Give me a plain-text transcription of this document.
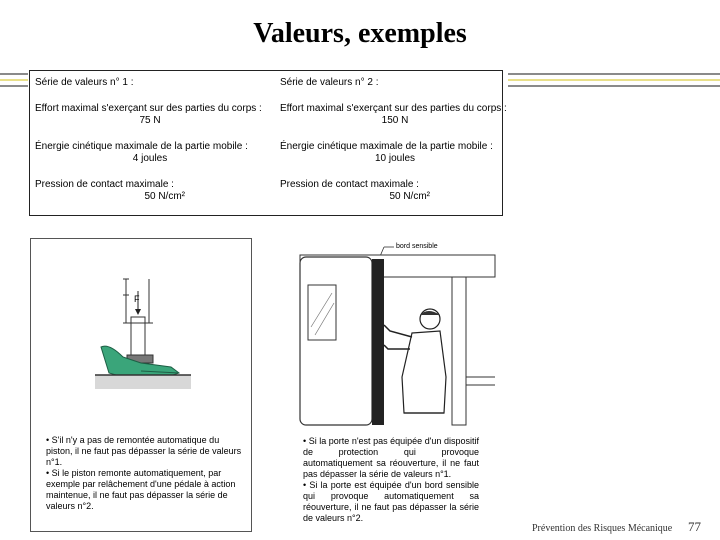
Valeurs, exemples
Série de valeurs n° 1 :
Effort maximal s'exerçant sur des parties du corps :
75 N
Énergie cinétique maximale de la partie mobile :
4 joules
Pression de contact maximale :
50 N/cm²
Série de valeurs n° 2 :
Effort maximal s'exerçant sur des parties du corps :
150 N
Énergie cinétique maximale de la partie mobile :
10 joules
Pression de contact maximale :
50 N/cm²
F

• S'il n'y a pas de remontée automatique du piston, il ne faut pas dépasser la série de valeurs n°1.

• Si le piston remonte automatiquement, par exemple par relâchement d'une pédale à action maintenue, il ne faut pas dépasser la série de valeurs n°2.

bord sensible

• Si la porte n'est pas équipée d'un dispositif de protection qui provoque automatiquement sa réouverture, il ne faut pas dépasser la série de valeurs n°1.

• Si la porte est équipée d'un bord sensible qui provoque automatiquement sa réouverture, il ne faut pas dépasser la série de valeurs n°2.

Prévention des Risques Mécanique 77
